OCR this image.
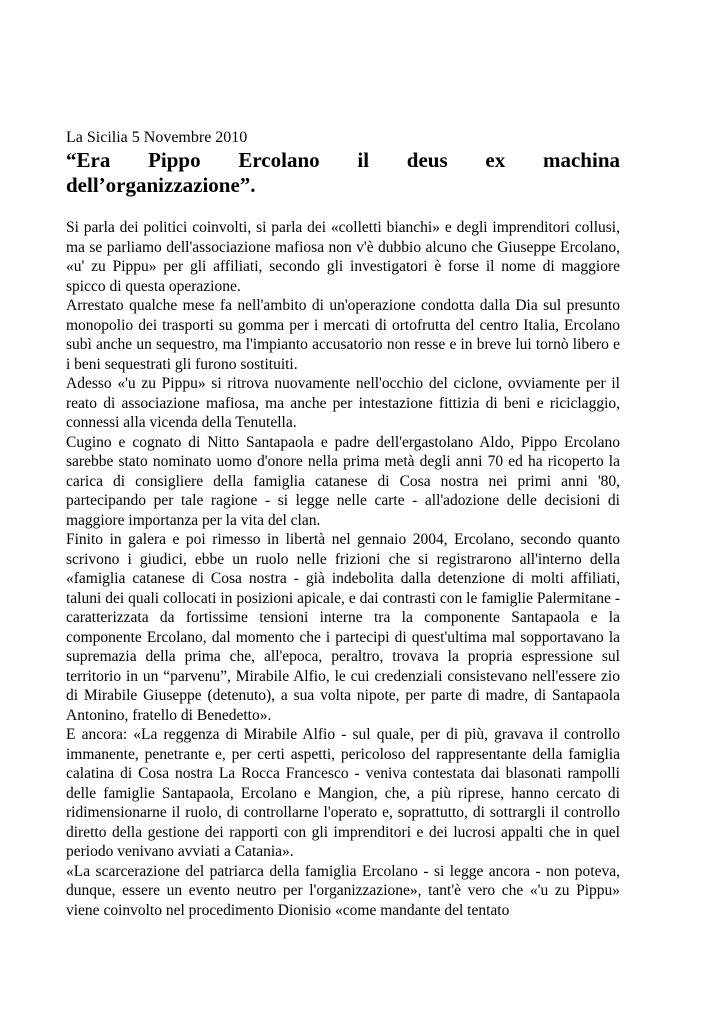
La Sicilia 5 Novembre 2010

“Era Pippo Ercolano il deus ex machina
dell’organizzazione”.

Si parla dei politici coinvolti, si parla dei «colletti bianchi» e degli imprenditori collusi, ma se parliamo dell'associazione mafiosa non v'è dubbio alcuno che Giuseppe Ercolano, «u' zu Pippu» per gli affiliati, secondo gli investigatori è forse il nome di maggiore spicco di questa operazione.

Arrestato qualche mese fa nell'ambito di un'operazione condotta dalla Dia sul presunto monopolio dei trasporti su gomma per i mercati di ortofrutta del centro Italia, Ercolano subì anche un sequestro, ma l'impianto accusatorio non resse e in breve lui tornò libero e i beni sequestrati gli furono sostituiti.

Adesso «'u zu Pippu» si ritrova nuovamente nell'occhio del ciclone, ovviamente per il reato di associazione mafiosa, ma anche per intestazione fittizia di beni e riciclaggio, connessi alla vicenda della Tenutella.

Cugino e cognato di Nitto Santapaola e padre dell'ergastolano Aldo, Pippo Ercolano sarebbe stato nominato uomo d'onore nella prima metà degli anni 70 ed ha ricoperto la carica di consigliere della famiglia catanese di Cosa nostra nei primi anni '80, partecipando per tale ragione - si legge nelle carte - all'adozione delle decisioni di maggiore importanza per la vita del clan.

Finito in galera e poi rimesso in libertà nel gennaio 2004, Ercolano, secondo quanto scrivono i giudici, ebbe un ruolo nelle frizioni che si registrarono all'interno della «famiglia catanese di Cosa nostra - già indebolita dalla detenzione di molti affiliati, taluni dei quali collocati in posizioni apicale, e dai contrasti con le famiglie Palermitane - caratterizzata da fortissime tensioni interne tra la componente Santapaola e la componente Ercolano, dal momento che i partecipi di quest'ultima mal sopportavano la supremazia della prima che, all'epoca, peraltro, trovava la propria espressione sul territorio in un “parvenu”, Mirabile Alfio, le cui credenziali consistevano nell'essere zio di Mirabile Giuseppe (detenuto), a sua volta nipote, per parte di madre, di Santapaola Antonino, fratello di Benedetto».

E ancora: «La reggenza di Mirabile Alfio - sul quale, per di più, gravava il controllo immanente, penetrante e, per certi aspetti, pericoloso del rappresentante della famiglia calatina di Cosa nostra La Rocca Francesco - veniva contestata dai blasonati rampolli delle famiglie Santapaola, Ercolano e Mangion, che, a più riprese, hanno cercato di ridimensionarne il ruolo, di controllarne l'operato e, soprattutto, di sottrargli il controllo diretto della gestione dei rapporti con gli imprenditori e dei lucrosi appalti che in quel periodo venivano avviati a Catania».

«La scarcerazione del patriarca della famiglia Ercolano - si legge ancora - non poteva, dunque, essere un evento neutro per l'organizzazione», tant'è vero che «'u zu Pippu» viene coinvolto nel procedimento Dionisio «come mandante del tentato
